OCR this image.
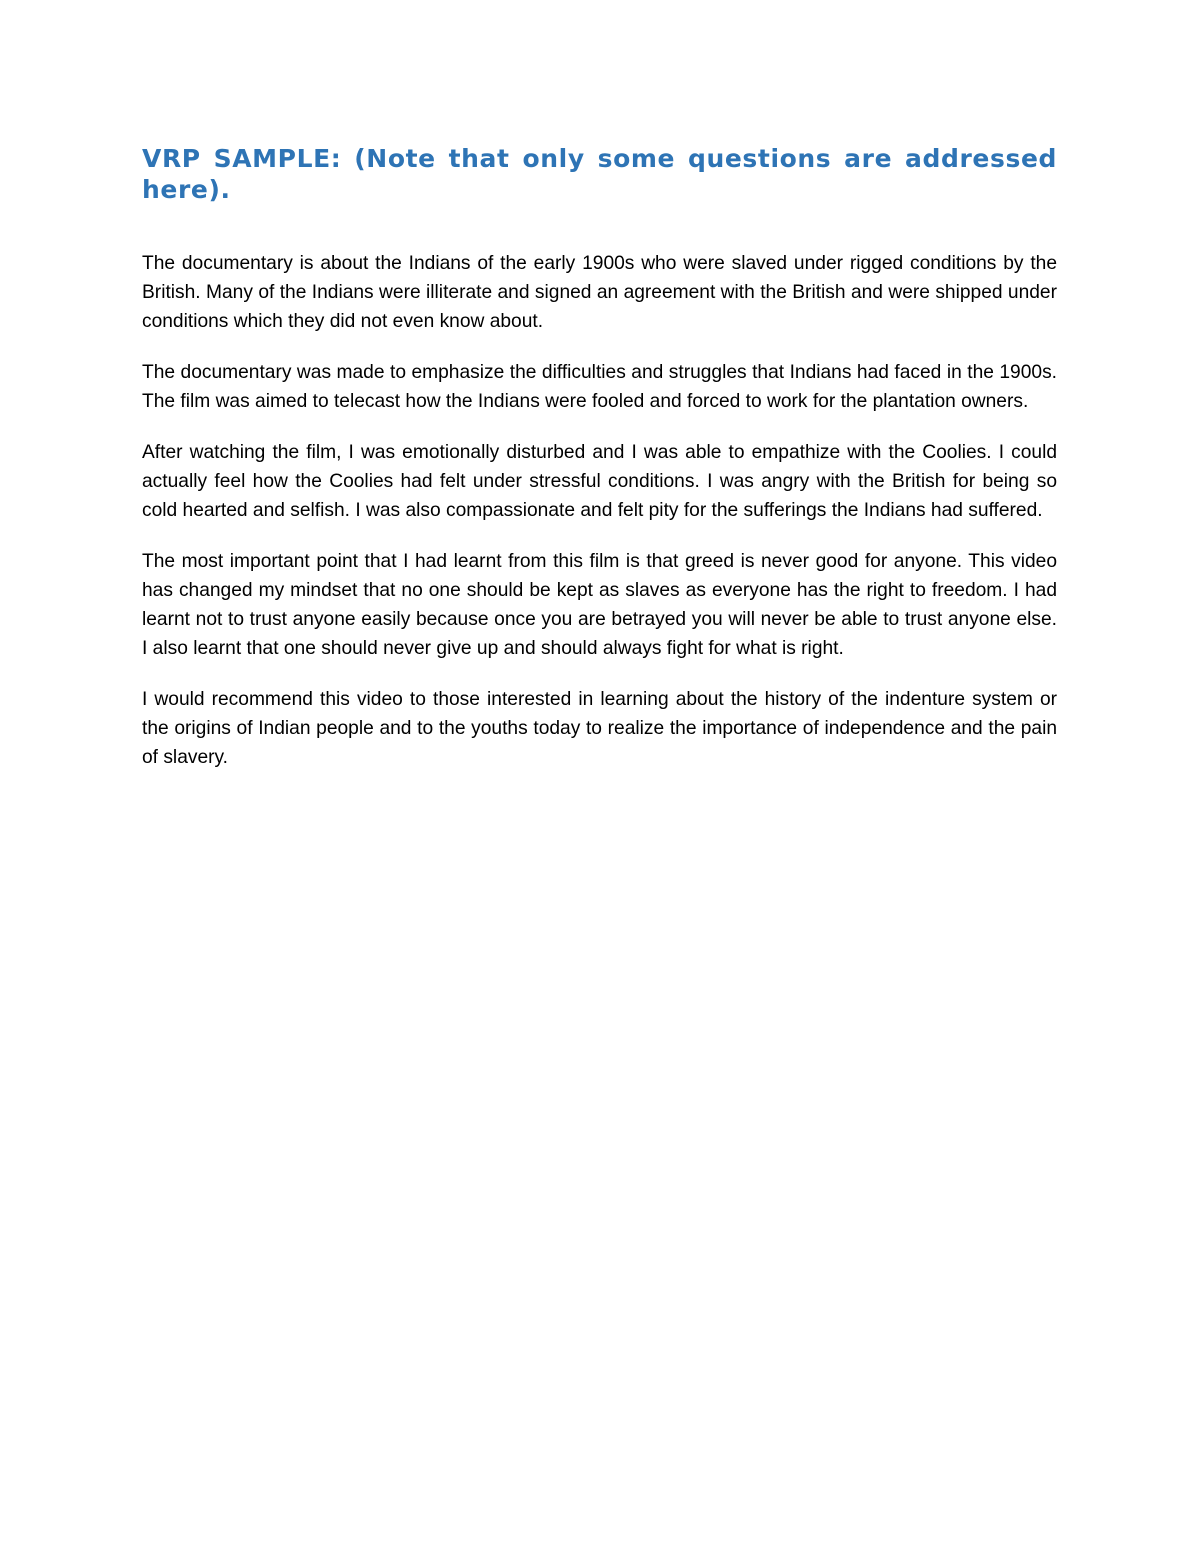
VRP SAMPLE: (Note that only some questions are addressed here).

The documentary is about the Indians of the early 1900s who were slaved under rigged conditions by the British. Many of the Indians were illiterate and signed an agreement with the British and were shipped under conditions which they did not even know about.

The documentary was made to emphasize the difficulties and struggles that Indians had faced in the 1900s. The film was aimed to telecast how the Indians were fooled and forced to work for the plantation owners.

After watching the film, I was emotionally disturbed and I was able to empathize with the Coolies. I could actually feel how the Coolies had felt under stressful conditions. I was angry with the British for being so cold hearted and selfish. I was also compassionate and felt pity for the sufferings the Indians had suffered.

The most important point that I had learnt from this film is that greed is never good for anyone. This video has changed my mindset that no one should be kept as slaves as everyone has the right to freedom. I had learnt not to trust anyone easily because once you are betrayed you will never be able to trust anyone else. I also learnt that one should never give up and should always fight for what is right.

I would recommend this video to those interested in learning about the history of the indenture system or the origins of Indian people and to the youths today to realize the importance of independence and the pain of slavery.
